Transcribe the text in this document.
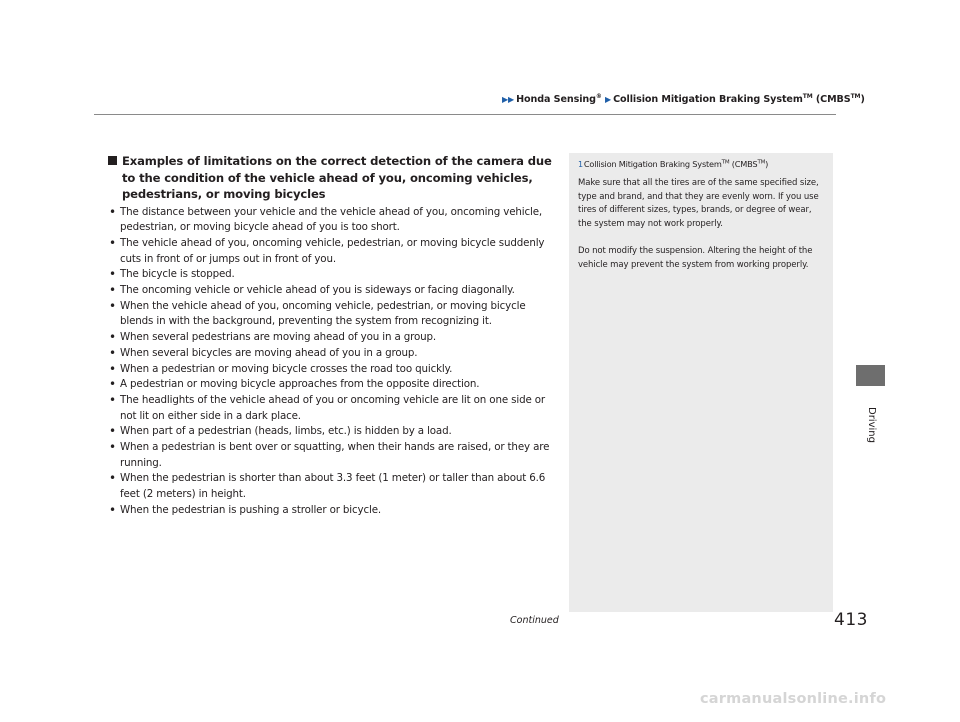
▶▶ Honda Sensing® ▶ Collision Mitigation Braking System™ (CMBS™)
Examples of limitations on the correct detection of the camera due to the condition of the vehicle ahead of you, oncoming vehicles, pedestrians, or moving bicycles
• The distance between your vehicle and the vehicle ahead of you, oncoming vehicle, pedestrian, or moving bicycle ahead of you is too short.
• The vehicle ahead of you, oncoming vehicle, pedestrian, or moving bicycle suddenly cuts in front of or jumps out in front of you.
• The bicycle is stopped.
• The oncoming vehicle or vehicle ahead of you is sideways or facing diagonally.
• When the vehicle ahead of you, oncoming vehicle, pedestrian, or moving bicycle blends in with the background, preventing the system from recognizing it.
• When several pedestrians are moving ahead of you in a group.
• When several bicycles are moving ahead of you in a group.
• When a pedestrian or moving bicycle crosses the road too quickly.
• A pedestrian or moving bicycle approaches from the opposite direction.
• The headlights of the vehicle ahead of you or oncoming vehicle are lit on one side or not lit on either side in a dark place.
• When part of a pedestrian (heads, limbs, etc.) is hidden by a load.
• When a pedestrian is bent over or squatting, when their hands are raised, or they are running.
• When the pedestrian is shorter than about 3.3 feet (1 meter) or taller than about 6.6 feet (2 meters) in height.
• When the pedestrian is pushing a stroller or bicycle.
1Collision Mitigation Braking System™ (CMBS™)

Make sure that all the tires are of the same specified size, type and brand, and that they are evenly worn. If you use tires of different sizes, types, brands, or degree of wear, the system may not work properly.

Do not modify the suspension. Altering the height of the vehicle may prevent the system from working properly.

Driving
Continued	413
carmanualsonline.info
